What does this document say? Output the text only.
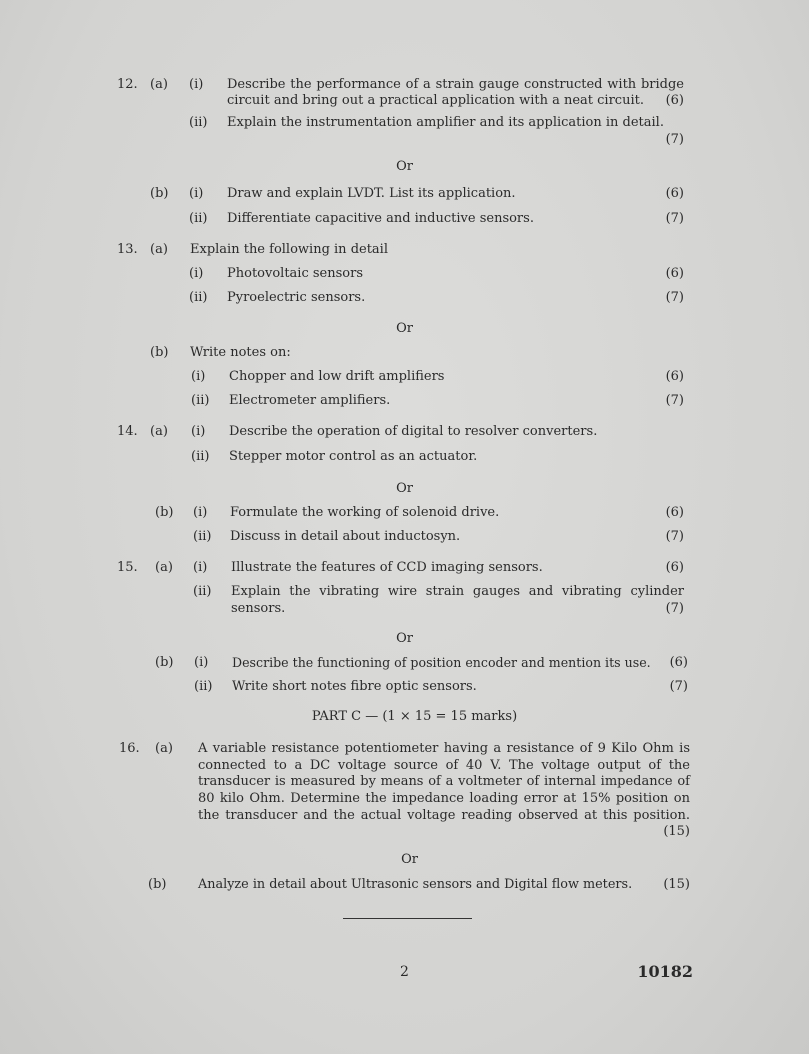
12. (a) (i) Describe the performance of a strain gauge constructed with bridge
circuit and bring out a practical application with a neat circuit. (6)
(ii) Explain the instrumentation amplifier and its application in detail.
(7)
Or
(b) (i) Draw and explain LVDT. List its application.	(6)
(ii) Differentiate capacitive and inductive sensors.	(7)
13. (a) Explain the following in detail
(i) Photovoltaic sensors	(6)
(ii) Pyroelectric sensors.	(7)
Or
(b) Write notes on:
(i) Chopper and low drift amplifiers	(6)
(ii) Electrometer amplifiers.	(7)
14. (a) (i) Describe the operation of digital to resolver converters.
(ii) Stepper motor control as an actuator.
Or
(b) (i) Formulate the working of solenoid drive.	(6)
(ii) Discuss in detail about inductosyn.	(7)
15. (a) (i) Illustrate the features of CCD imaging sensors.	(6)
(ii) Explain the vibrating wire strain gauges and vibrating cylinder
sensors.	(7)
Or
(b) (i) Describe the functioning of position encoder and mention its use. (6)
(ii) Write short notes fibre optic sensors.	(7)
PART C — (1 × 15 = 15 marks)
16. (a) A variable resistance potentiometer having a resistance of 9 Kilo Ohm is
connected to a DC voltage source of 40 V. The voltage output of the
transducer is measured by means of a voltmeter of internal impedance of
80 kilo Ohm. Determine the impedance loading error at 15% position on
the transducer and the actual voltage reading observed at this position.
(15)
Or
(b) Analyze in detail about Ultrasonic sensors and Digital flow meters. (15)
2	10182
